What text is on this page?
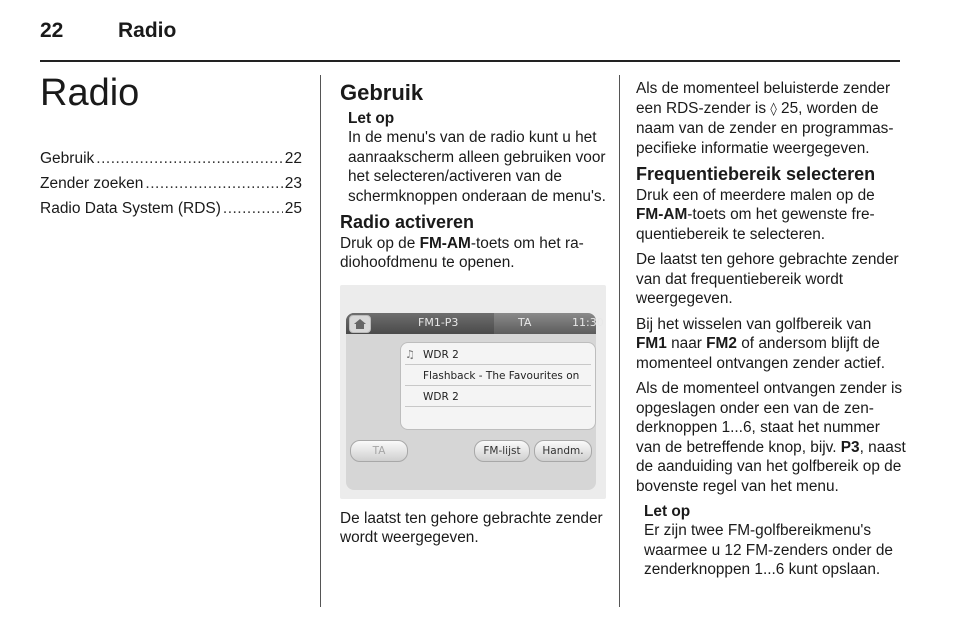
22	Radio
Radio
Gebruik .....	22
Zender zoeken .....	23
Radio Data System (RDS) .....	25
Gebruik
Let op

In de menu's van de radio kunt u het aanraakscherm alleen gebruiken voor het selecteren/activeren van de schermknoppen onderaan de menu's.

Radio activeren

Druk op de FM-AM-toets om het radiohoofdmenu te openen.

FM1-P3	TA	11:30
♫ WDR 2
Flashback - The Favourites on
WDR 2
TA	FM-lijst	Handm.

De laatst ten gehore gebrachte zender wordt weergegeven.

Als de momenteel beluisterde zender een RDS-zender is ◊ 25, worden de naam van de zender en programmaspecifieke informatie weergegeven.

Frequentiebereik selecteren

Druk een of meerdere malen op de FM-AM-toets om het gewenste frequentiebereik te selecteren.

De laatst ten gehore gebrachte zender van dat frequentiebereik wordt weergegeven.

Bij het wisselen van golfbereik van FM1 naar FM2 of andersom blijft de momenteel ontvangen zender actief.

Als de momenteel ontvangen zender is opgeslagen onder een van de zenderknoppen 1...6, staat het nummer van de betreffende knop, bijv. P3, naast de aanduiding van het golfbereik op de bovenste regel van het menu.

Let op

Er zijn twee FM-golfbereikmenu's waarmee u 12 FM-zenders onder de zenderknoppen 1...6 kunt opslaan.
